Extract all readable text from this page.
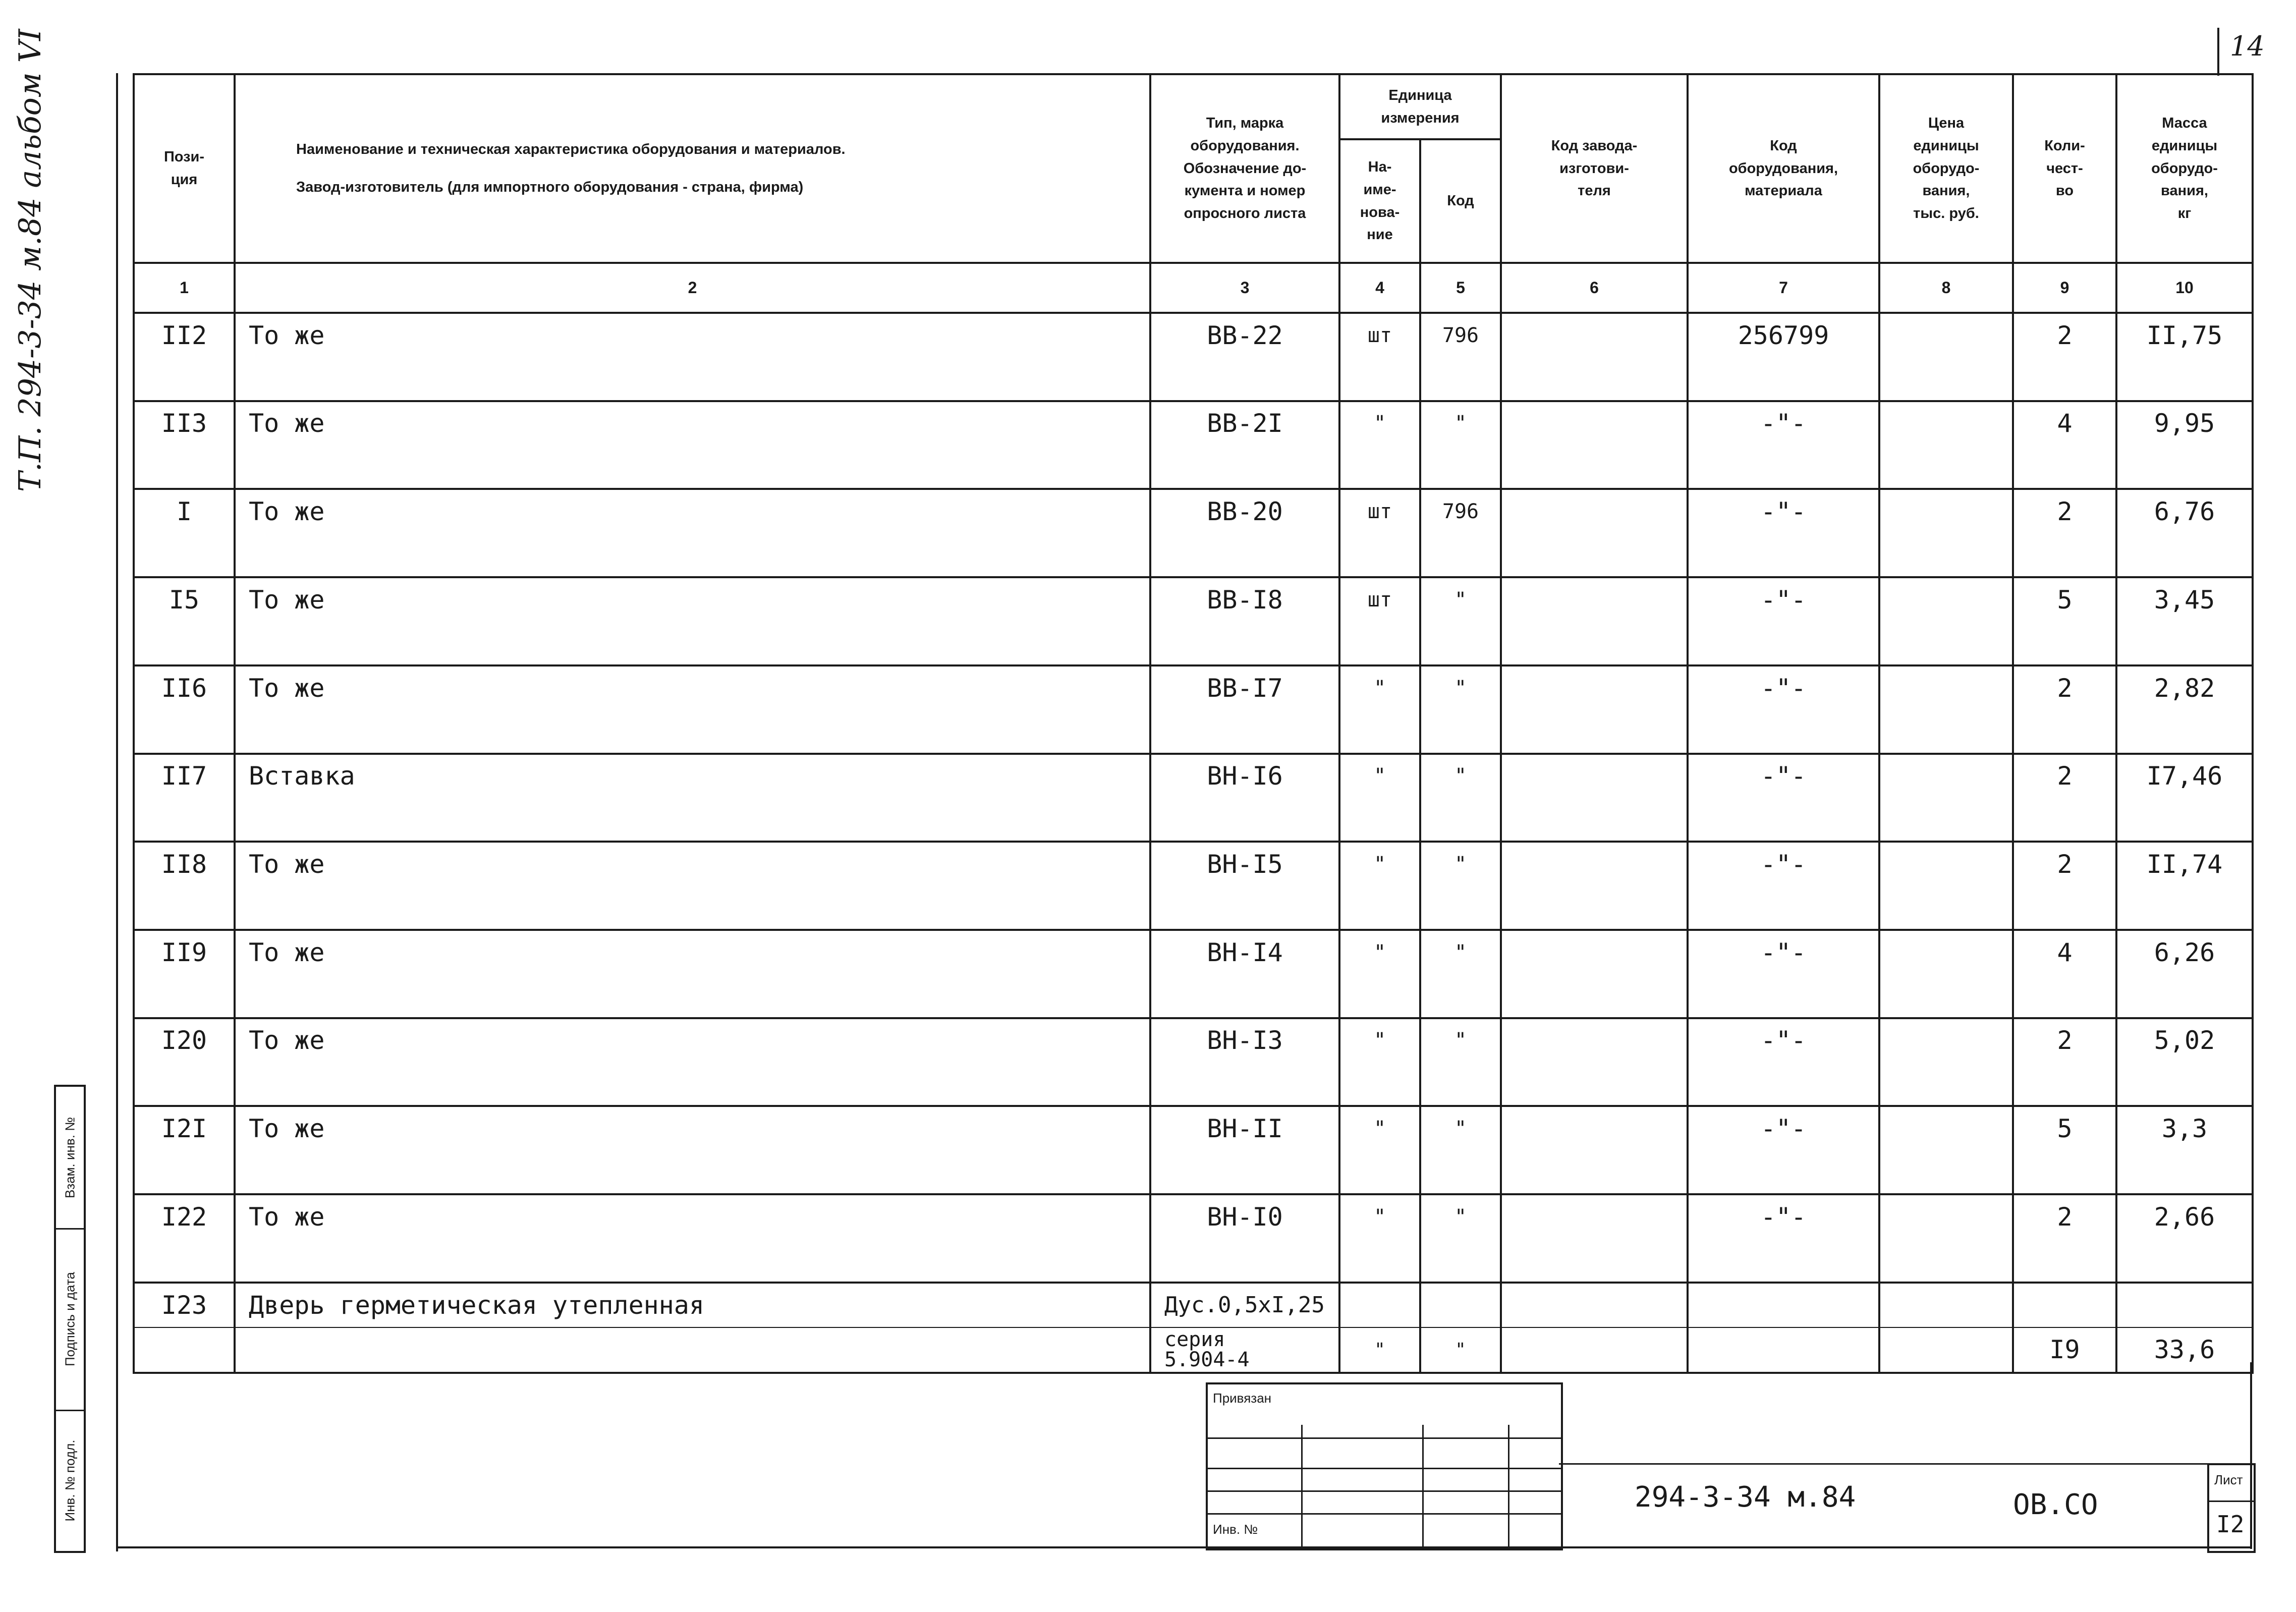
14
Т.П. 294-3-34 м.84 альбом VI	Пози-
ция	Наименование и техническая характеристика оборудования и материалов.
Завод-изготовитель (для импортного оборудования - страна, фирма)	Тип, марка
оборудования.
Обозначение до-
кумента и номер
опросного листа	Единица
измерения		Код завода-
изготови-
теля	Код
оборудования,
материала	Цена
единицы
оборудо-
вания,
тыс. руб.	Коли-
чест-
во	Масса
единицы
оборудо-
вания,
кг
			На-
име-
нова-
ние	Код					
1	2	3	4	5	6	7	8	9	10
II2	То же	ВВ-22	шт	796		256799		2	II,75

II3	То же	ВВ-2I	"	"		-"-		4	9,95

I	То же	ВВ-20	шт	796		-"-		2	6,76

I5	То же	ВВ-I8	шт	"		-"-		5	3,45

II6	То же	ВВ-I7	"	"		-"-		2	2,82

II7	Вставка	ВН-I6	"	"		-"-		2	I7,46

II8	То же	ВН-I5	"	"		-"-		2	II,74

II9	То же	ВН-I4	"	"		-"-		4	6,26

I20	То же	ВН-I3	"	"		-"-		2	5,02

I2I	То же	ВН-II	"	"		-"-		5	3,3

I22	То же	ВН-I0	"	"		-"-		2	2,66

I23	Дверь герметическая утепленная	Дус.0,5хI,25							
		серия
5.904-4	"	"				I9	33,6
Взам. инв. №
Подпись и дата
Инв. № подл.
Привязан
Инв. №
294-3-34 м.84	ОВ.СО
Лист
I2
